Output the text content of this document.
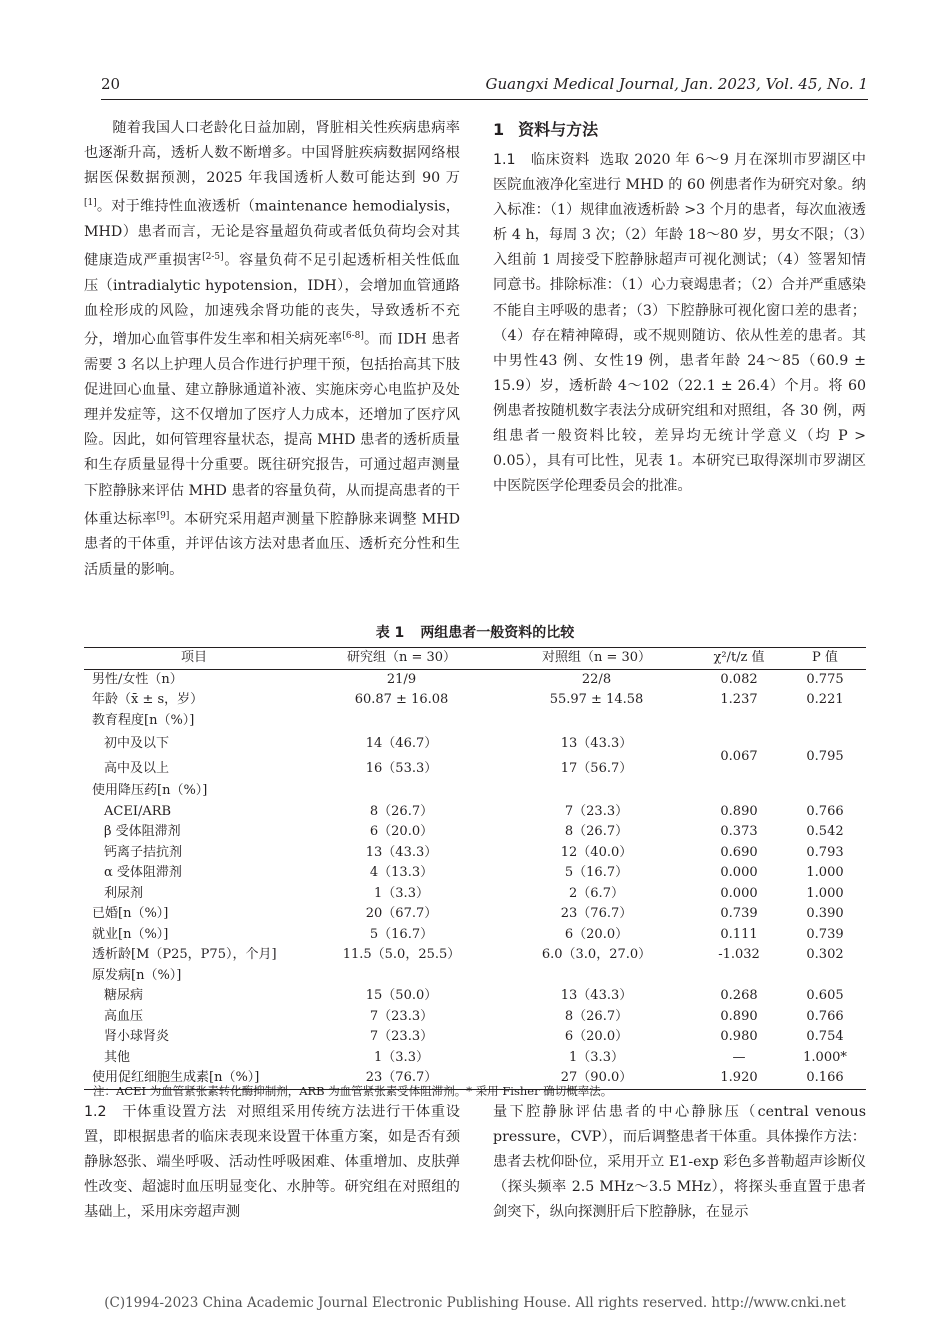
20	Guangxi Medical Journal, Jan. 2023, Vol. 45, No. 1

随着我国人口老龄化日益加剧，肾脏相关性疾病患病率也逐渐升高，透析人数不断增多。中国肾脏疾病数据网络根据医保数据预测，2025 年我国透析人数可能达到 90 万[1]。对于维持性血液透析（maintenance hemodialysis，MHD）患者而言，无论是容量超负荷或者低负荷均会对其健康造成严重损害[2-5]。容量负荷不足引起透析相关性低血压（intradialytic hypotension，IDH），会增加血管通路血栓形成的风险，加速残余肾功能的丧失，导致透析不充分，增加心血管事件发生率和相关病死率[6-8]。而 IDH 患者需要 3 名以上护理人员合作进行护理干预，包括抬高其下肢促进回心血量、建立静脉通道补液、实施床旁心电监护及处理并发症等，这不仅增加了医疗人力成本，还增加了医疗风险。因此，如何管理容量状态，提高 MHD 患者的透析质量和生存质量显得十分重要。既往研究报告，可通过超声测量下腔静脉来评估 MHD 患者的容量负荷，从而提高患者的干体重达标率[9]。本研究采用超声测量下腔静脉来调整 MHD 患者的干体重，并评估该方法对患者血压、透析充分性和生活质量的影响。

1 资料与方法

1.1　临床资料 选取 2020 年 6～9 月在深圳市罗湖区中医院血液净化室进行 MHD 的 60 例患者作为研究对象。纳入标准：（1）规律血液透析龄 >3 个月的患者，每次血液透析 4 h，每周 3 次；（2）年龄 18～80 岁，男女不限；（3）入组前 1 周接受下腔静脉超声可视化测试；（4）签署知情同意书。排除标准：（1）心力衰竭患者；（2）合并严重感染不能自主呼吸的患者；（3）下腔静脉可视化窗口差的患者；（4）存在精神障碍，或不规则随访、依从性差的患者。其中男性43 例、女性19 例，患者年龄 24～85（60.9 ± 15.9）岁，透析龄 4～102（22.1 ± 26.4）个月。将 60 例患者按随机数字表法分成研究组和对照组，各 30 例，两组患者一般资料比较，差异均无统计学意义（均 P > 0.05），具有可比性，见表 1。本研究已取得深圳市罗湖区中医院医学伦理委员会的批准。

表 1 两组患者一般资料的比较
项目	研究组（n = 30）	对照组（n = 30）	χ²/t/z 值	P 值
男性/女性（n）	21/9	22/8	0.082	0.775
年龄（x̄ ± s，岁）	60.87 ± 16.08	55.97 ± 14.58	1.237	0.221
教育程度[n（%）]				
初中及以下	14（46.7）	13（43.3）	0.067	0.795
高中及以上	16（53.3）	17（56.7）		
使用降压药[n（%）]				
ACEI/ARB	8（26.7）	7（23.3）	0.890	0.766
β 受体阻滞剂	6（20.0）	8（26.7）	0.373	0.542
钙离子拮抗剂	13（43.3）	12（40.0）	0.690	0.793
α 受体阻滞剂	4（13.3）	5（16.7）	0.000	1.000
利尿剂	1（3.3）	2（6.7）	0.000	1.000
已婚[n（%）]	20（67.7）	23（76.7）	0.739	0.390
就业[n（%）]	5（16.7）	6（20.0）	0.111	0.739
透析龄[M（P25，P75），个月]	11.5（5.0，25.5）	6.0（3.0，27.0）	-1.032	0.302
原发病[n（%）]				
糖尿病	15（50.0）	13（43.3）	0.268	0.605
高血压	7（23.3）	8（26.7）	0.890	0.766
肾小球肾炎	7（23.3）	6（20.0）	0.980	0.754
其他	1（3.3）	1（3.3）	—	1.000*
使用促红细胞生成素[n（%）]	23（76.7）	27（90.0）	1.920	0.166
注：ACEI 为血管紧张素转化酶抑制剂，ARB 为血管紧张素受体阻滞剂。* 采用 Fisher 确切概率法。

1.2　干体重设置方法 对照组采用传统方法进行干体重设置，即根据患者的临床表现来设置干体重方案，如是否有颈静脉怒张、端坐呼吸、活动性呼吸困难、体重增加、皮肤弹性改变、超滤时血压明显变化、水肿等。研究组在对照组的基础上，采用床旁超声测

量下腔静脉评估患者的中心静脉压（central venous pressure，CVP），而后调整患者干体重。具体操作方法：患者去枕仰卧位，采用开立 E1-exp 彩色多普勒超声诊断仪（探头频率 2.5 MHz～3.5 MHz），将探头垂直置于患者剑突下，纵向探测肝后下腔静脉，在显示

(C)1994-2023 China Academic Journal Electronic Publishing House. All rights reserved. http://www.cnki.net
